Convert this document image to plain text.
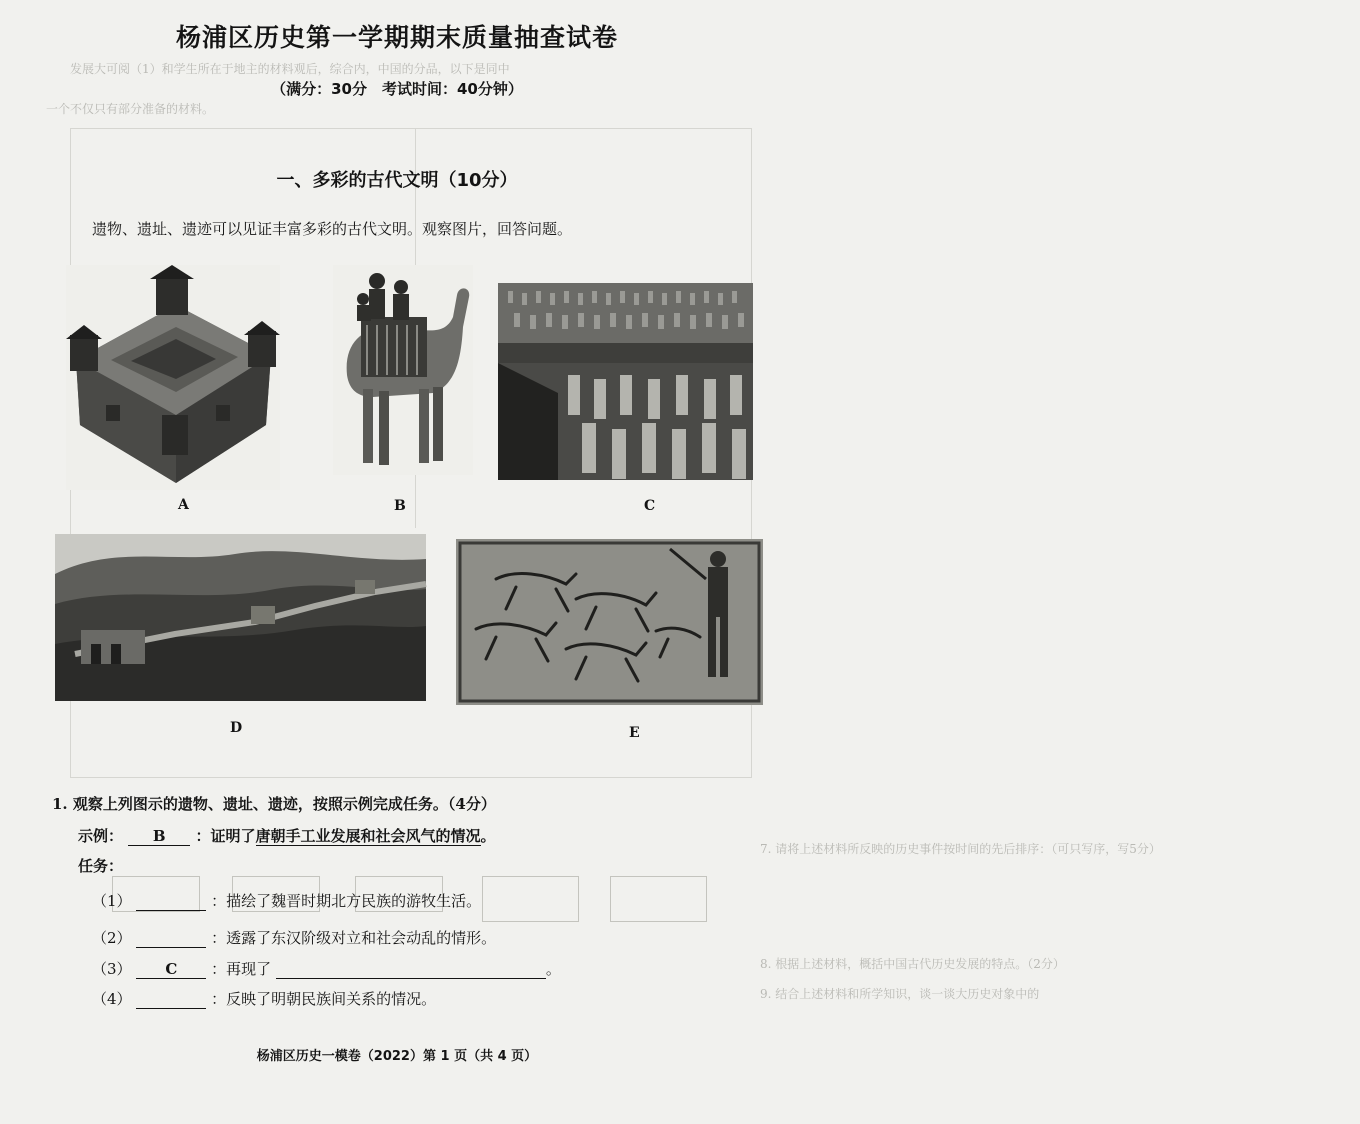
发展大可阅（1）和学生所在于地主的材料观后，综合内，中国的分品，以下是同中
一个不仅只有部分准备的材料。
7. 请将上述材料所反映的历史事件按时间的先后排序：（可只写序，写5分）
8. 根据上述材料，概括中国古代历史发展的特点。（2分）
9. 结合上述材料和所学知识，谈一谈大历史对象中的
杨浦区历史第一学期期末质量抽查试卷
（满分：30分　考试时间：40分钟）
一、多彩的古代文明（10分）
遗物、遗址、遗迹可以见证丰富多彩的古代文明。观察图片，回答问题。
A	B	C
D	E
1. 观察上列图示的遗物、遗址、遗迹，按照示例完成任务。（4分）
示例： B ：证明了唐朝手工业发展和社会风气的情况。
任务：
（1）	：描绘了魏晋时期北方民族的游牧生活。
（2）	：透露了东汉阶级对立和社会动乱的情形。
（3） C ：再现了	。
（4）	：反映了明朝民族间关系的情况。
杨浦区历史一模卷（2022）第 1 页（共 4 页）
